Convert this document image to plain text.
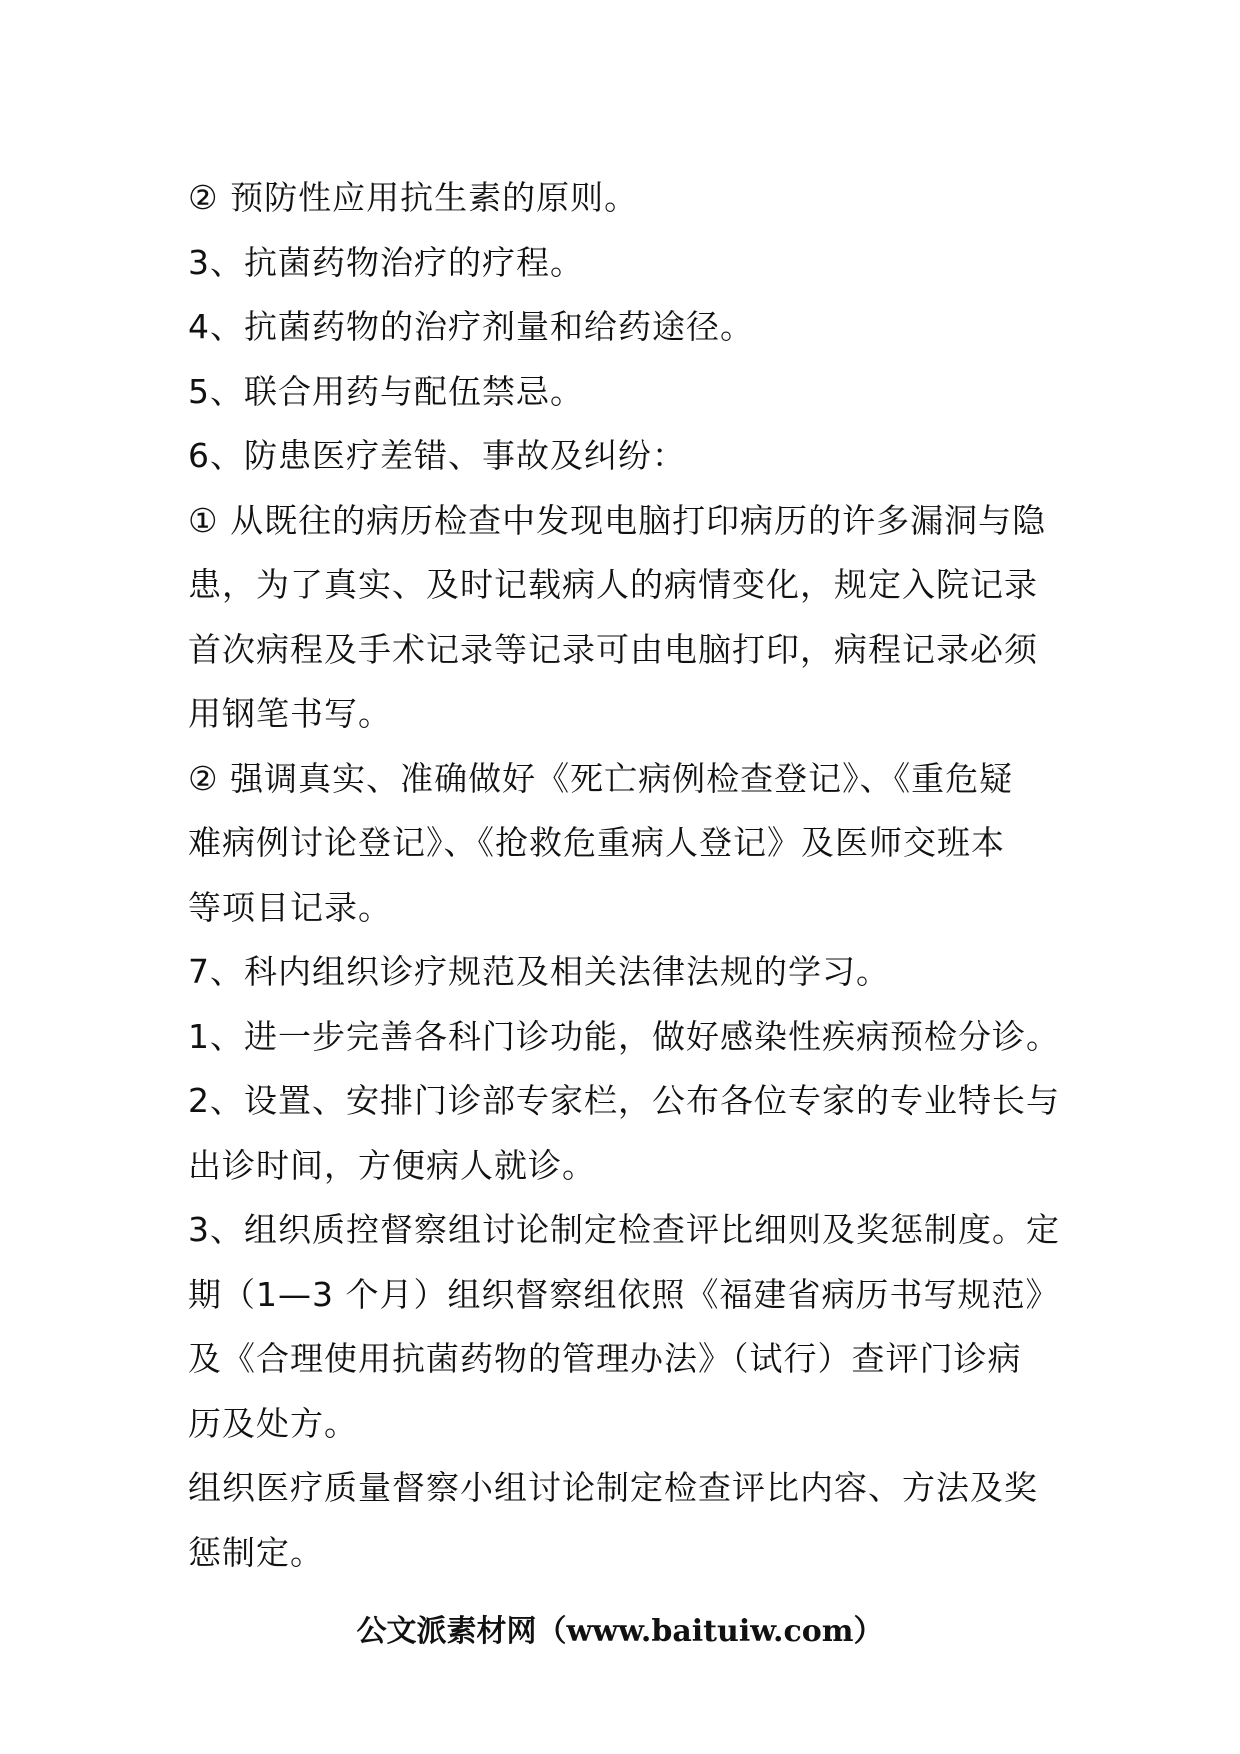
② 预防性应用抗生素的原则。
3、抗菌药物治疗的疗程。
4、抗菌药物的治疗剂量和给药途径。
5、联合用药与配伍禁忌。
6、防患医疗差错、事故及纠纷：
① 从既往的病历检查中发现电脑打印病历的许多漏洞与隐
患，为了真实、及时记载病人的病情变化，规定入院记录
首次病程及手术记录等记录可由电脑打印，病程记录必须
用钢笔书写。
② 强调真实、准确做好《死亡病例检查登记》、《重危疑
难病例讨论登记》、《抢救危重病人登记》及医师交班本
等项目记录。
7、科内组织诊疗规范及相关法律法规的学习。
1、进一步完善各科门诊功能，做好感染性疾病预检分诊。
2、设置、安排门诊部专家栏，公布各位专家的专业特长与
出诊时间，方便病人就诊。
3、组织质控督察组讨论制定检查评比细则及奖惩制度。定
期（1—3 个月）组织督察组依照《福建省病历书写规范》
及《合理使用抗菌药物的管理办法》（试行）查评门诊病
历及处方。
组织医疗质量督察小组讨论制定检查评比内容、方法及奖
惩制定。
公文派素材网（www.baituiw.com）
